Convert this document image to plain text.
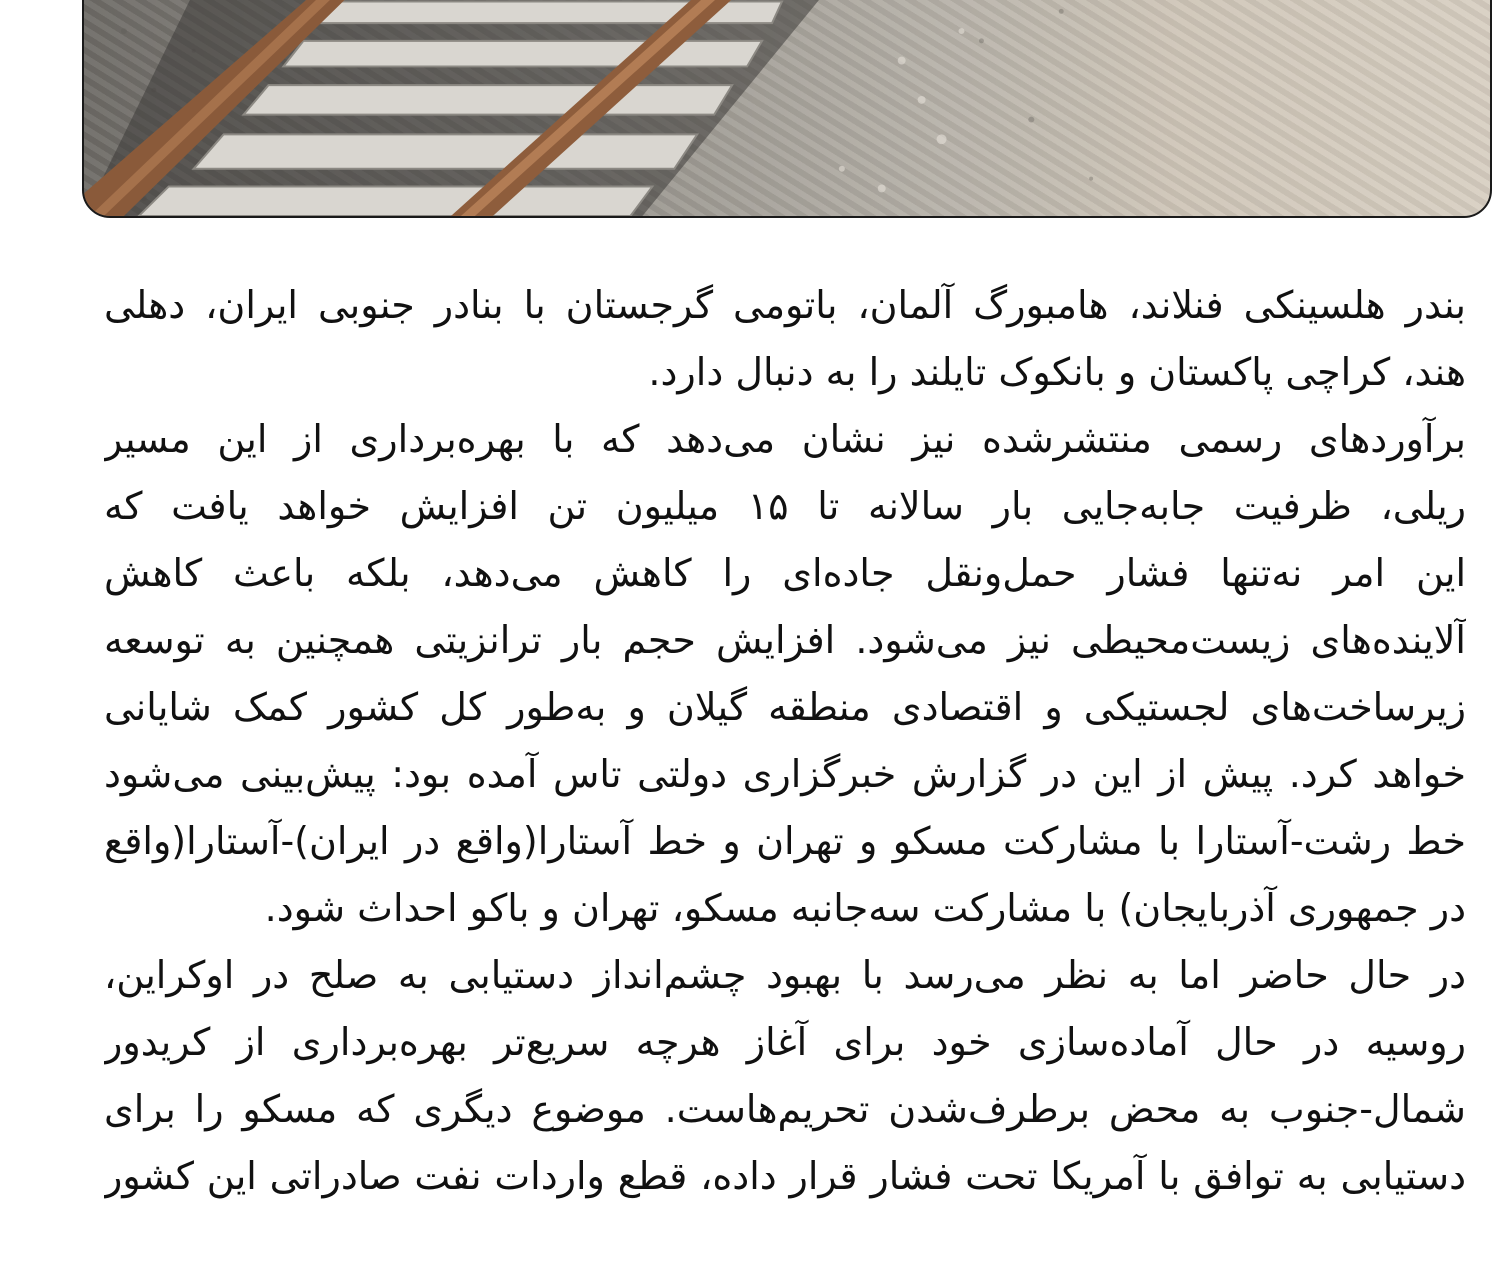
بندر هلسینکی فنلاند، هامبورگ آلمان، باتومی گرجستان با بنادر جنوبی ایران، دهلی
هند، کراچی پاکستان و بانکوک تایلند را به دنبال دارد.
برآوردهای رسمی منتشرشده نیز نشان می‌دهد که با بهره‌برداری از این مسیر
ریلی، ظرفیت جابه‌جایی بار سالانه تا ۱۵ میلیون تن افزایش خواهد یافت که
این امر نه‌تنها فشار حمل‌ونقل جاده‌ای را کاهش می‌دهد، بلکه باعث کاهش
آلاینده‌های زیست‌محیطی نیز می‌شود. افزایش حجم بار ترانزیتی همچنین به توسعه
زیرساخت‌های لجستیکی و اقتصادی منطقه گیلان و به‌طور کل کشور کمک شایانی
خواهد کرد. پیش از این در گزارش خبرگزاری دولتی تاس آمده بود: پیش‌بینی می‌شود
خط رشت-آستارا با مشارکت مسکو و تهران و خط آستارا(واقع در ایران)-آستارا(واقع
در جمهوری آذربایجان) با مشارکت سه‌جانبه مسکو، تهران و باکو احداث شود.
در حال حاضر اما به نظر می‌رسد با بهبود چشم‌انداز دستیابی به صلح در اوکراین،
روسیه در حال آماده‌سازی خود برای آغاز هرچه سریع‌تر بهره‌برداری از کریدور
شمال-جنوب به محض برطرف‌شدن تحریم‌هاست. موضوع دیگری که مسکو را برای
دستیابی به توافق با آمریکا تحت فشار قرار داده، قطع واردات نفت صادراتی این کشور
